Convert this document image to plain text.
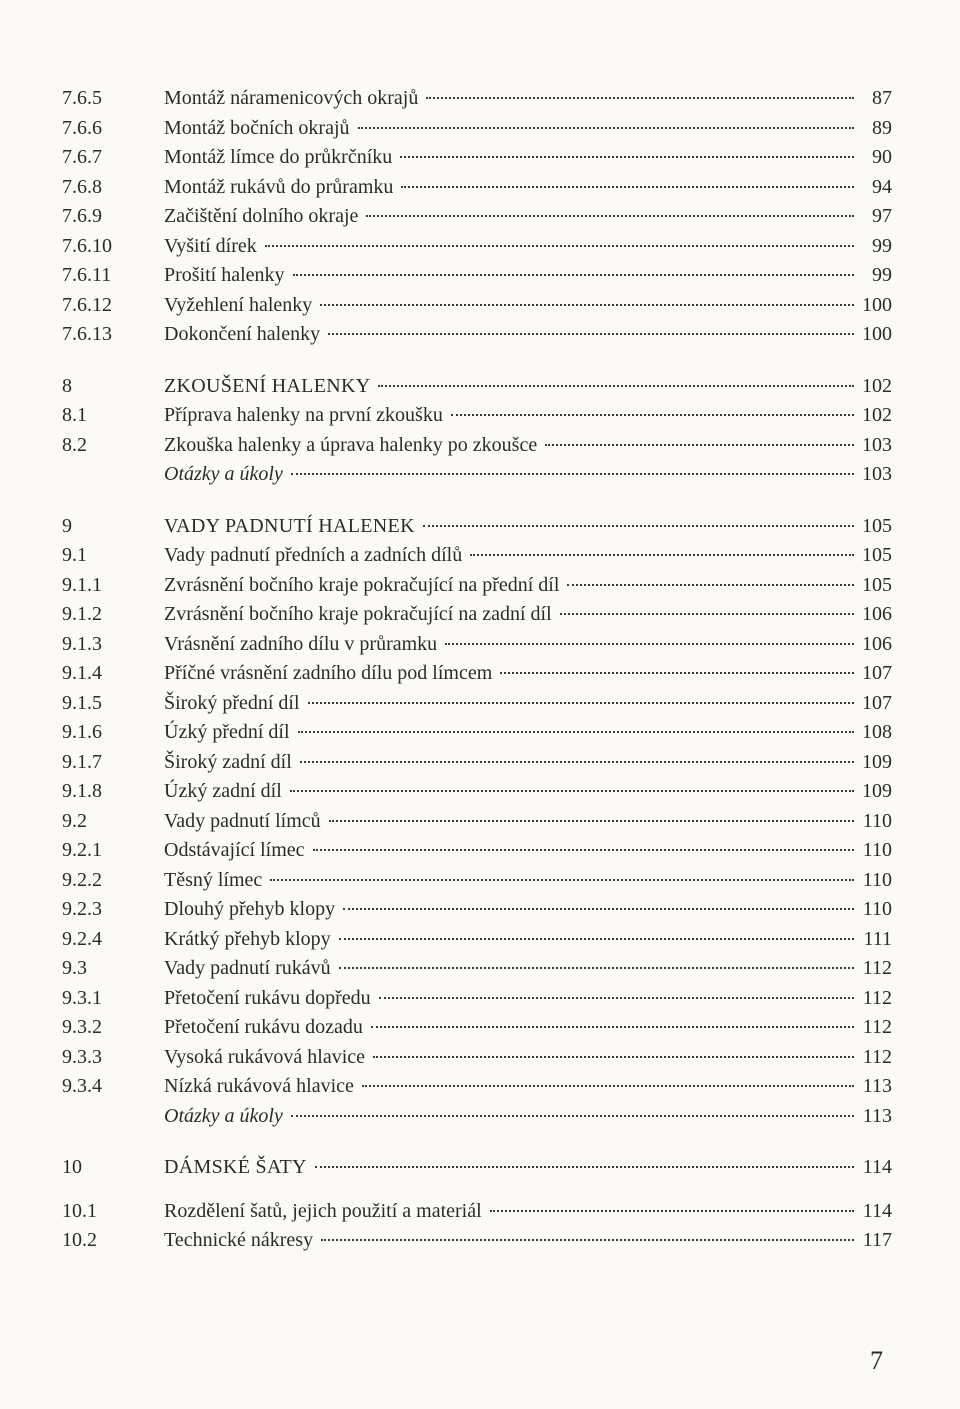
7.6.5	Montáž náramenicových okrajů	87
7.6.6	Montáž bočních okrajů	89
7.6.7	Montáž límce do průkrčníku	90
7.6.8	Montáž rukávů do průramku	94
7.6.9	Začištění dolního okraje	97
7.6.10	Vyšití dírek	99
7.6.11	Prošití halenky	99
7.6.12	Vyžehlení halenky	100
7.6.13	Dokončení halenky	100
8	ZKOUŠENÍ HALENKY	102
8.1	Příprava halenky na první zkoušku	102
8.2	Zkouška halenky a úprava halenky po zkoušce	103
Otázky a úkoly	103
9	VADY PADNUTÍ HALENEK	105
9.1	Vady padnutí předních a zadních dílů	105
9.1.1	Zvrásnění bočního kraje pokračující na přední díl	105
9.1.2	Zvrásnění bočního kraje pokračující na zadní díl	106
9.1.3	Vrásnění zadního dílu v průramku	106
9.1.4	Příčné vrásnění zadního dílu pod límcem	107
9.1.5	Široký přední díl	107
9.1.6	Úzký přední díl	108
9.1.7	Široký zadní díl	109
9.1.8	Úzký zadní díl	109
9.2	Vady padnutí límců	110
9.2.1	Odstávající límec	110
9.2.2	Těsný límec	110
9.2.3	Dlouhý přehyb klopy	110
9.2.4	Krátký přehyb klopy	111
9.3	Vady padnutí rukávů	112
9.3.1	Přetočení rukávu dopředu	112
9.3.2	Přetočení rukávu dozadu	112
9.3.3	Vysoká rukávová hlavice	112
9.3.4	Nízká rukávová hlavice	113
Otázky a úkoly	113
10	DÁMSKÉ ŠATY	114
10.1	Rozdělení šatů, jejich použití a materiál	114
10.2	Technické nákresy	117
7
